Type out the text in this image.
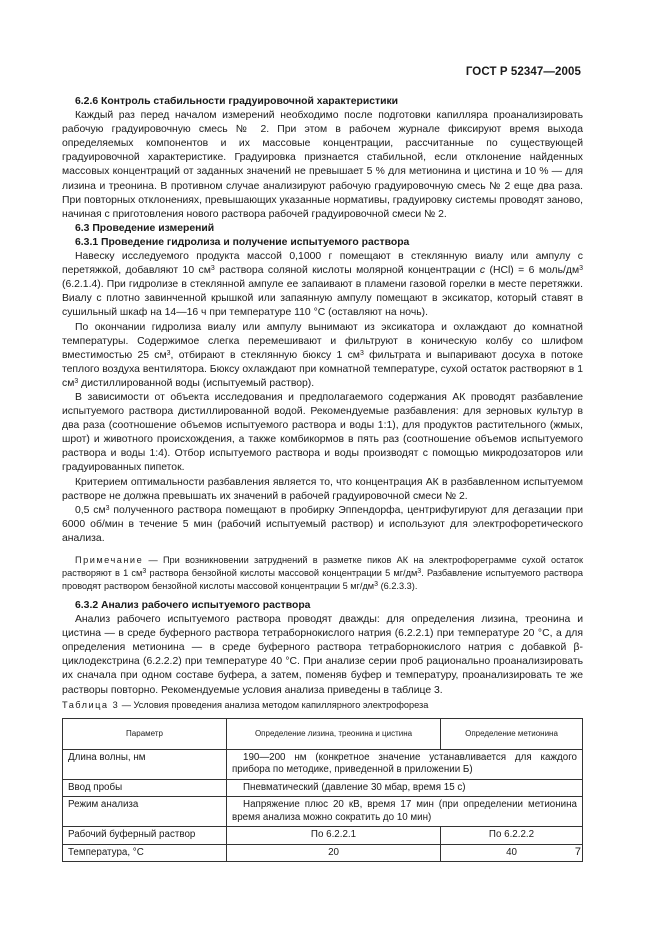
ГОСТ Р 52347—2005

6.2.6 Контроль стабильности градуировочной характеристики

Каждый раз перед началом измерений необходимо после подготовки капилляра проанализировать рабочую градуировочную смесь № 2. При этом в рабочем журнале фиксируют время выхода определяемых компонентов и их массовые концентрации, рассчитанные по существующей градуировочной характеристике. Градуировка признается стабильной, если отклонение найденных массовых концентраций от заданных значений не превышает 5 % для метионина и цистина и 10 % — для лизина и треонина. В противном случае анализируют рабочую градуировочную смесь № 2 еще два раза. При повторных отклонениях, превышающих указанные нормативы, градуировку системы проводят заново, начиная с приготовления нового раствора рабочей градуировочной смеси № 2.

6.3 Проведение измерений

6.3.1 Проведение гидролиза и получение испытуемого раствора

Навеску исследуемого продукта массой 0,1000 г помещают в стеклянную виалу или ампулу с перетяжкой, добавляют 10 $см^3$ раствора соляной кислоты молярной концентрации c (HCl) = 6 моль/$дм^3$ (6.2.1.4). При гидролизе в стеклянной ампуле ее запаивают в пламени газовой горелки в месте перетяжки. Виалу с плотно завинченной крышкой или запаянную ампулу помещают в эксикатор, который ставят в сушильный шкаф на 14—16 ч при температуре 110 °С (оставляют на ночь).

По окончании гидролиза виалу или ампулу вынимают из эксикатора и охлаждают до комнатной температуры. Содержимое слегка перемешивают и фильтруют в коническую колбу со шлифом вместимостью 25 $см^3$, отбирают в стеклянную бюксу 1 $см^3$ фильтрата и выпаривают досуха в потоке теплого воздуха вентилятора. Бюксу охлаждают при комнатной температуре, сухой остаток растворяют в 1 $см^3$ дистиллированной воды (испытуемый раствор).

В зависимости от объекта исследования и предполагаемого содержания АК проводят разбавление испытуемого раствора дистиллированной водой. Рекомендуемые разбавления: для зерновых культур в два раза (соотношение объемов испытуемого раствора и воды 1:1), для продуктов растительного (жмых, шрот) и животного происхождения, а также комбикормов в пять раз (соотношение объемов испытуемого раствора и воды 1:4). Отбор испытуемого раствора и воды производят с помощью микродозаторов или градуированных пипеток.

Критерием оптимальности разбавления является то, что концентрация АК в разбавленном испытуемом растворе не должна превышать их значений в рабочей градуировочной смеси № 2.

0,5 $см^3$ полученного раствора помещают в пробирку Эппендорфа, центрифугируют для дегазации при 6000 об/мин в течение 5 мин (рабочий испытуемый раствор) и используют для электрофоретического анализа.

Примечание — При возникновении затруднений в разметке пиков АК на электрофореграмме сухой остаток растворяют в 1 $см^3$ раствора бензойной кислоты массовой концентрации 5 $мг/дм^3$. Разбавление испытуемого раствора проводят раствором бензойной кислоты массовой концентрации 5 $мг/дм^3$ (6.2.3.3).

6.3.2 Анализ рабочего испытуемого раствора

Анализ рабочего испытуемого раствора проводят дважды: для определения лизина, треонина и цистина — в среде буферного раствора тетраборнокислого натрия (6.2.2.1) при температуре 20 °С, а для определения метионина — в среде буферного раствора тетраборнокислого натрия с добавкой β-циклодекстрина (6.2.2.2) при температуре 40 °С. При анализе серии проб рационально проанализировать их сначала при одном составе буфера, а затем, поменяв буфер и температуру, проанализировать те же растворы повторно. Рекомендуемые условия анализа приведены в таблице 3.

Таблица 3 — Условия проведения анализа методом капиллярного электрофореза

Параметр	Определение лизина, треонина и цистина	Определение метионина
Длина волны, нм	190—200 нм (конкретное значение устанавливается для каждого прибора по методике, приведенной в приложении Б)	
Ввод пробы	Пневматический (давление 30 мбар, время 15 с)	
Режим анализа	Напряжение плюс 20 кВ, время 17 мин (при определении метионина время анализа можно сократить до 10 мин)	
Рабочий буферный раствор	По 6.2.2.1	По 6.2.2.2
Температура, °С	20	40	7
